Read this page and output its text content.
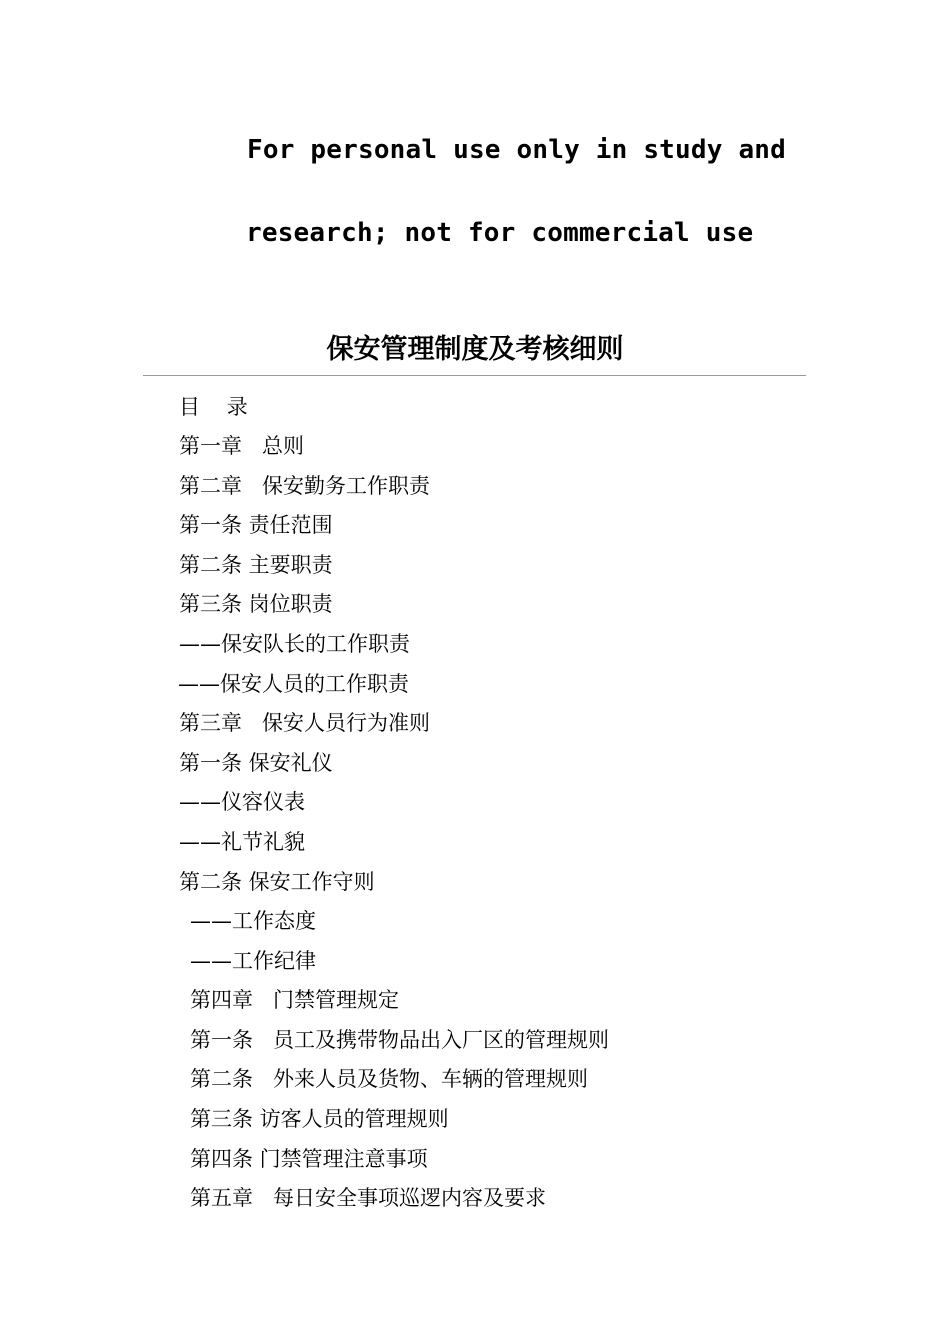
For personal use only in study and
research; not for commercial use
保安管理制度及考核细则
目    录
第一章   总则
第二章   保安勤务工作职责
第一条 责任范围
第二条 主要职责
第三条 岗位职责
——保安队长的工作职责
——保安人员的工作职责
第三章   保安人员行为准则
第一条 保安礼仪
——仪容仪表
——礼节礼貌
第二条 保安工作守则
——工作态度
——工作纪律
第四章   门禁管理规定
第一条   员工及携带物品出入厂区的管理规则
第二条   外来人员及货物、车辆的管理规则
第三条 访客人员的管理规则
第四条 门禁管理注意事项
第五章   每日安全事项巡逻内容及要求
